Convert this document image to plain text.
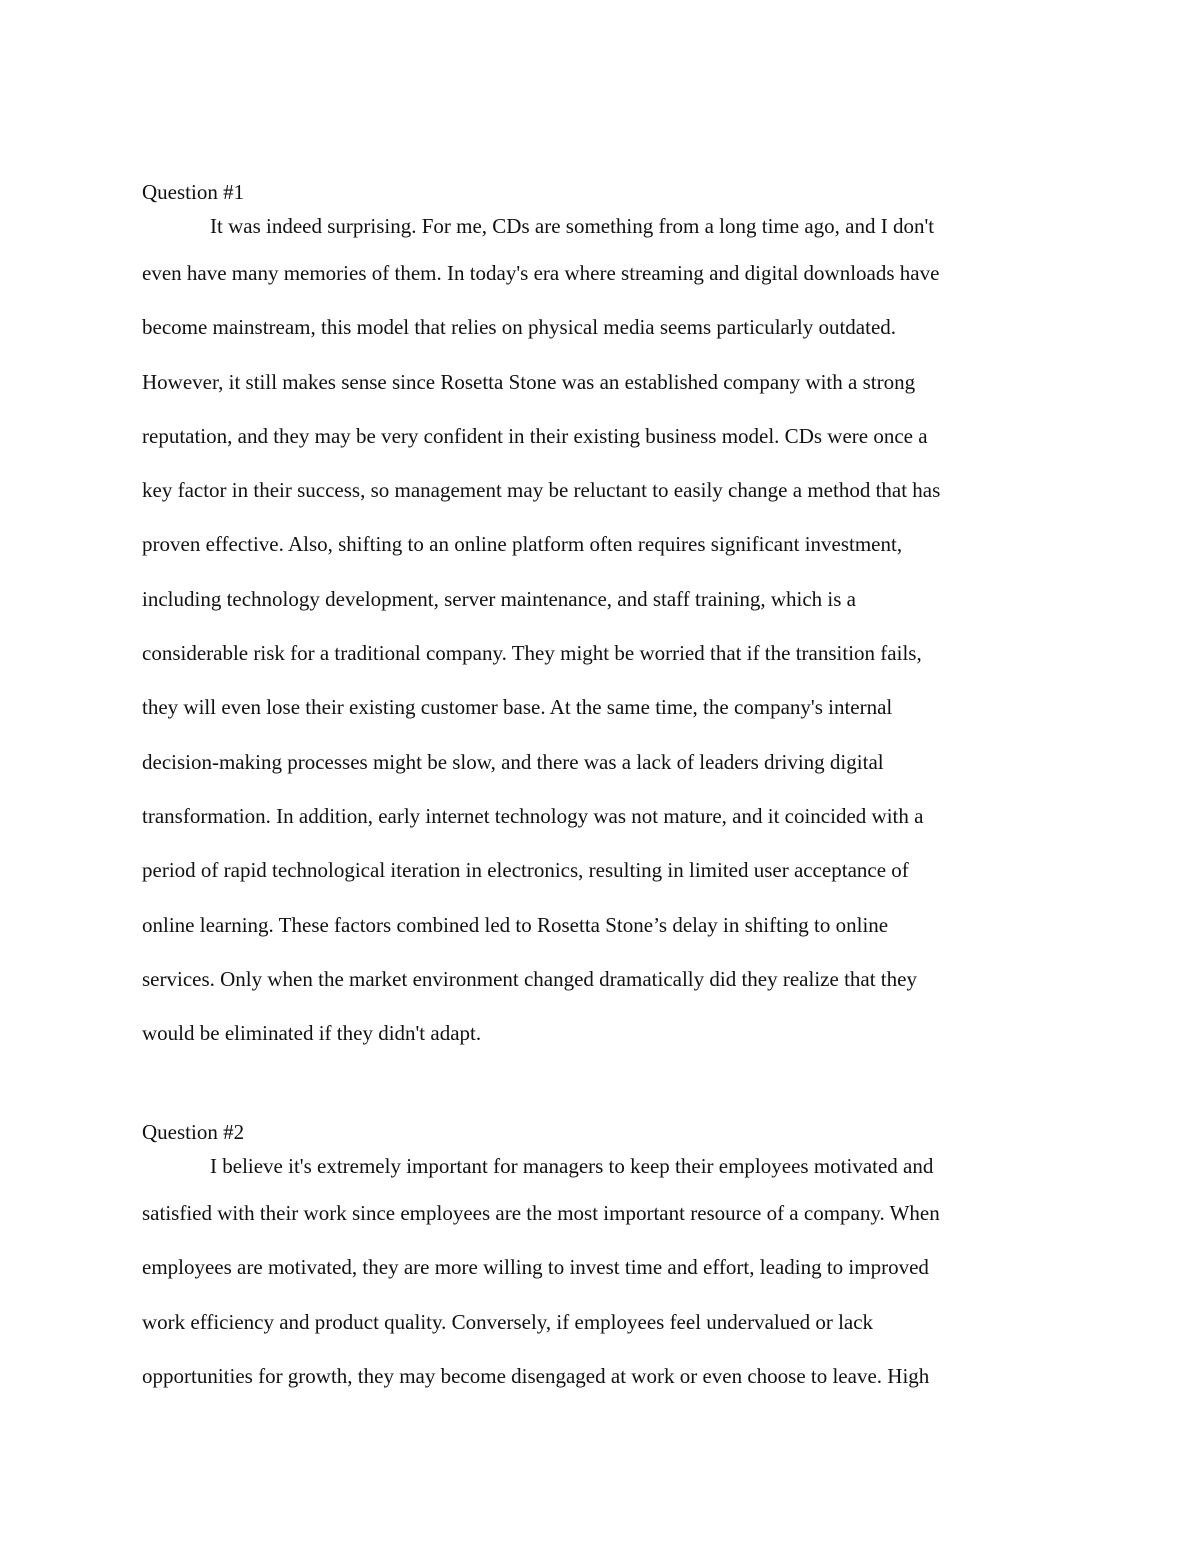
Question #1
It was indeed surprising. For me, CDs are something from a long time ago, and I don't
even have many memories of them. In today's era where streaming and digital downloads have
become mainstream, this model that relies on physical media seems particularly outdated.
However, it still makes sense since Rosetta Stone was an established company with a strong
reputation, and they may be very confident in their existing business model. CDs were once a
key factor in their success, so management may be reluctant to easily change a method that has
proven effective. Also, shifting to an online platform often requires significant investment,
including technology development, server maintenance, and staff training, which is a
considerable risk for a traditional company. They might be worried that if the transition fails,
they will even lose their existing customer base. At the same time, the company's internal
decision-making processes might be slow, and there was a lack of leaders driving digital
transformation. In addition, early internet technology was not mature, and it coincided with a
period of rapid technological iteration in electronics, resulting in limited user acceptance of
online learning. These factors combined led to Rosetta Stone’s delay in shifting to online
services. Only when the market environment changed dramatically did they realize that they
would be eliminated if they didn't adapt.
Question #2
I believe it's extremely important for managers to keep their employees motivated and
satisfied with their work since employees are the most important resource of a company. When
employees are motivated, they are more willing to invest time and effort, leading to improved
work efficiency and product quality. Conversely, if employees feel undervalued or lack
opportunities for growth, they may become disengaged at work or even choose to leave. High
